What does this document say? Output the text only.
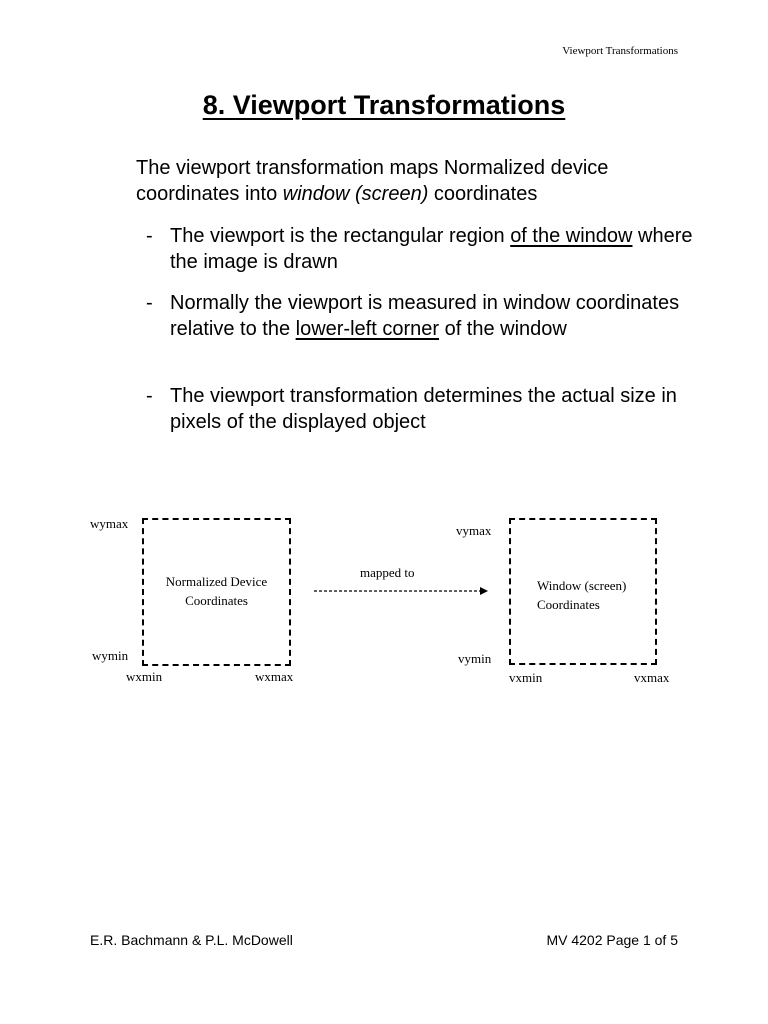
Viewport Transformations
8. Viewport Transformations
The viewport transformation maps Normalized device coordinates into window (screen) coordinates
- The viewport is the rectangular region of the window where the image is drawn
- Normally the viewport is measured in window coordinates relative to the lower-left corner of the window
- The viewport transformation determines the actual size in pixels of the displayed object
Normalized Device
Coordinates
wymax
wymin
wxmin	wxmax
mapped to
Window (screen)
Coordinates
vymax
vymin
vxmin	vxmax
E.R. Bachmann & P.L. McDowell	MV 4202 Page 1 of 5
